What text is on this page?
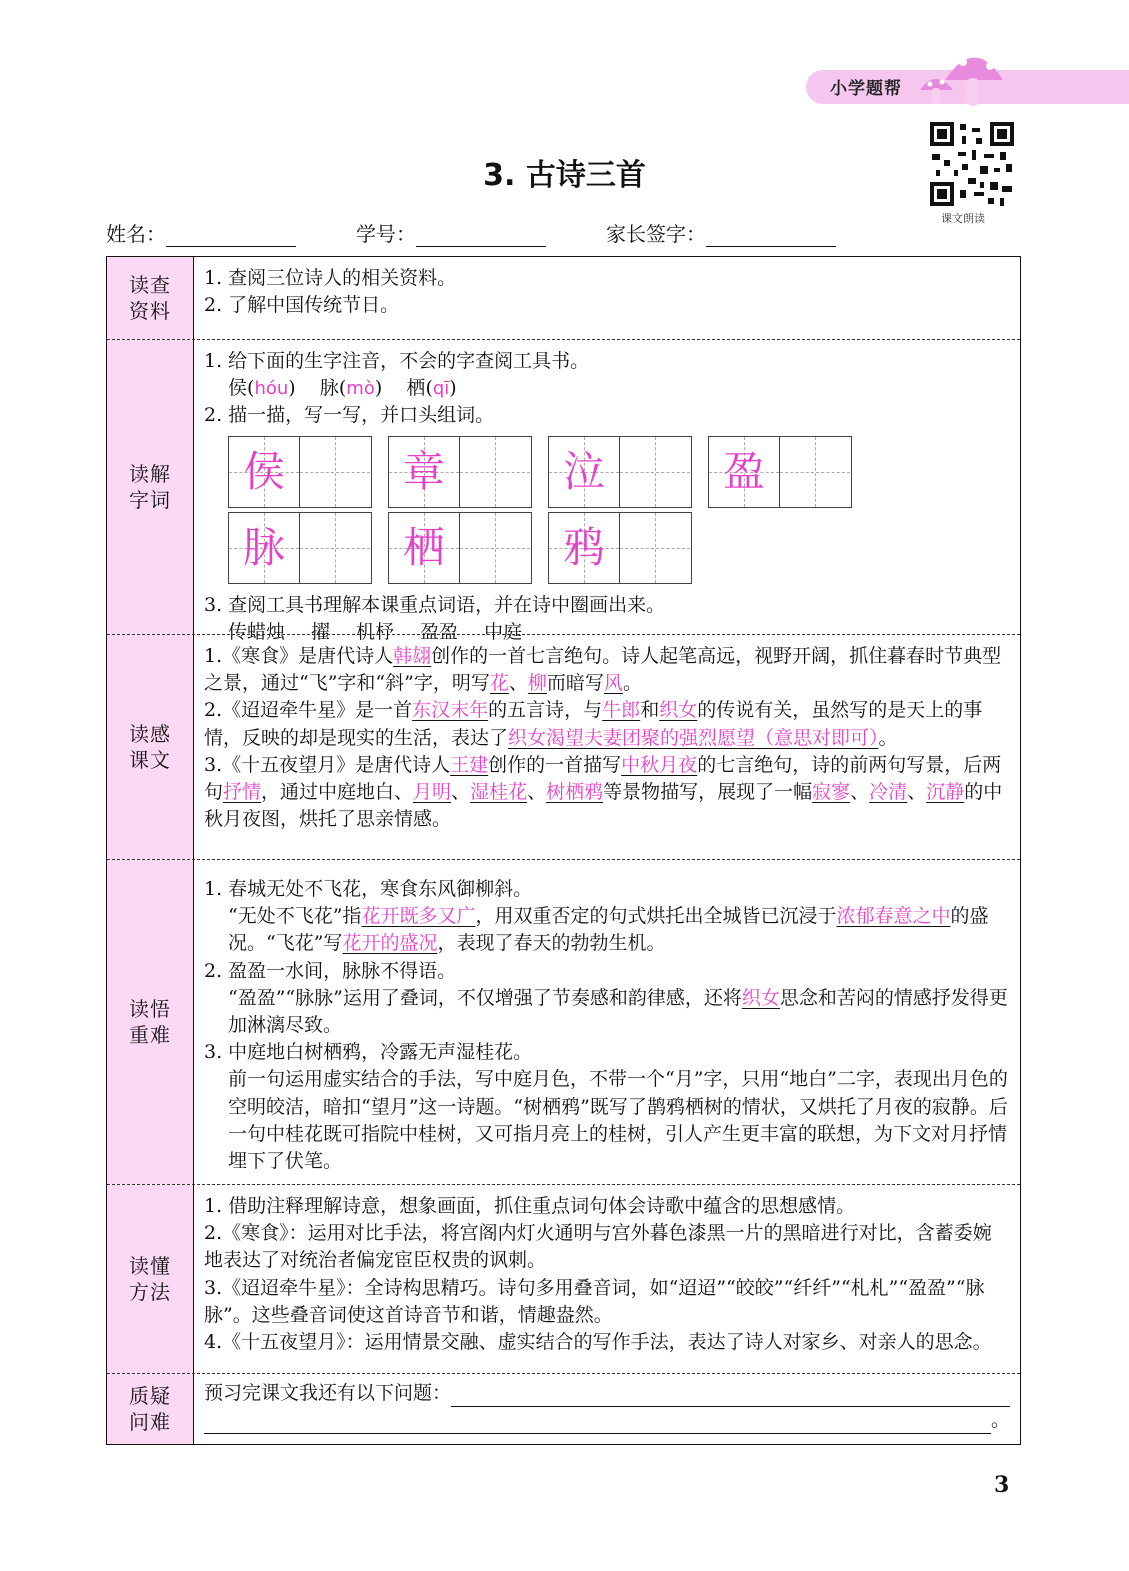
小学题帮
课文朗读
3. 古诗三首
姓名：	学号：	家长签字：
读查
资料

1. 查阅三位诗人的相关资料。

2. 了解中国传统节日。

读解
字词

1. 给下面的生字注音，不会的字查阅工具书。

侯(hóu)    脉(mò)    栖(qī)

2. 描一描，写一写，并口头组词。

侯	章	泣	盈
脉	栖	鸦

3. 查阅工具书理解本课重点词语，并在诗中圈画出来。

传蜡烛 擢 机杼 盈盈 中庭

读感
课文

1.《寒食》是唐代诗人韩翃创作的一首七言绝句。诗人起笔高远，视野开阔，抓住暮春时节典型之景，通过“飞”字和“斜”字，明写花、柳而暗写风。

2.《迢迢牵牛星》是一首东汉末年的五言诗，与牛郎和织女的传说有关，虽然写的是天上的事情，反映的却是现实的生活，表达了织女渴望夫妻团聚的强烈愿望（意思对即可）。

3.《十五夜望月》是唐代诗人王建创作的一首描写中秋月夜的七言绝句，诗的前两句写景，后两句抒情，通过中庭地白、月明、湿桂花、树栖鸦等景物描写，展现了一幅寂寥、冷清、沉静的中秋月夜图，烘托了思亲情感。

读悟
重难

1. 春城无处不飞花，寒食东风御柳斜。

“无处不飞花”指花开既多又广，用双重否定的句式烘托出全城皆已沉浸于浓郁春意之中的盛况。“飞花”写花开的盛况，表现了春天的勃勃生机。

2. 盈盈一水间，脉脉不得语。

“盈盈”“脉脉”运用了叠词，不仅增强了节奏感和韵律感，还将织女思念和苦闷的情感抒发得更加淋漓尽致。

3. 中庭地白树栖鸦，冷露无声湿桂花。

前一句运用虚实结合的手法，写中庭月色，不带一个“月”字，只用“地白”二字，表现出月色的空明皎洁，暗扣“望月”这一诗题。“树栖鸦”既写了鹊鸦栖树的情状，又烘托了月夜的寂静。后一句中桂花既可指院中桂树，又可指月亮上的桂树，引人产生更丰富的联想，为下文对月抒情埋下了伏笔。

读懂
方法

1. 借助注释理解诗意，想象画面，抓住重点词句体会诗歌中蕴含的思想感情。

2.《寒食》：运用对比手法，将宫阁内灯火通明与宫外暮色漆黑一片的黑暗进行对比，含蓄委婉地表达了对统治者偏宠宦臣权贵的讽刺。

3.《迢迢牵牛星》：全诗构思精巧。诗句多用叠音词，如“迢迢”“皎皎”“纤纤”“札札”“盈盈”“脉脉”。这些叠音词使这首诗音节和谐，情趣盎然。

4.《十五夜望月》：运用情景交融、虚实结合的写作手法，表达了诗人对家乡、对亲人的思念。

质疑
问难
预习完课文我还有以下问题：
。
3
